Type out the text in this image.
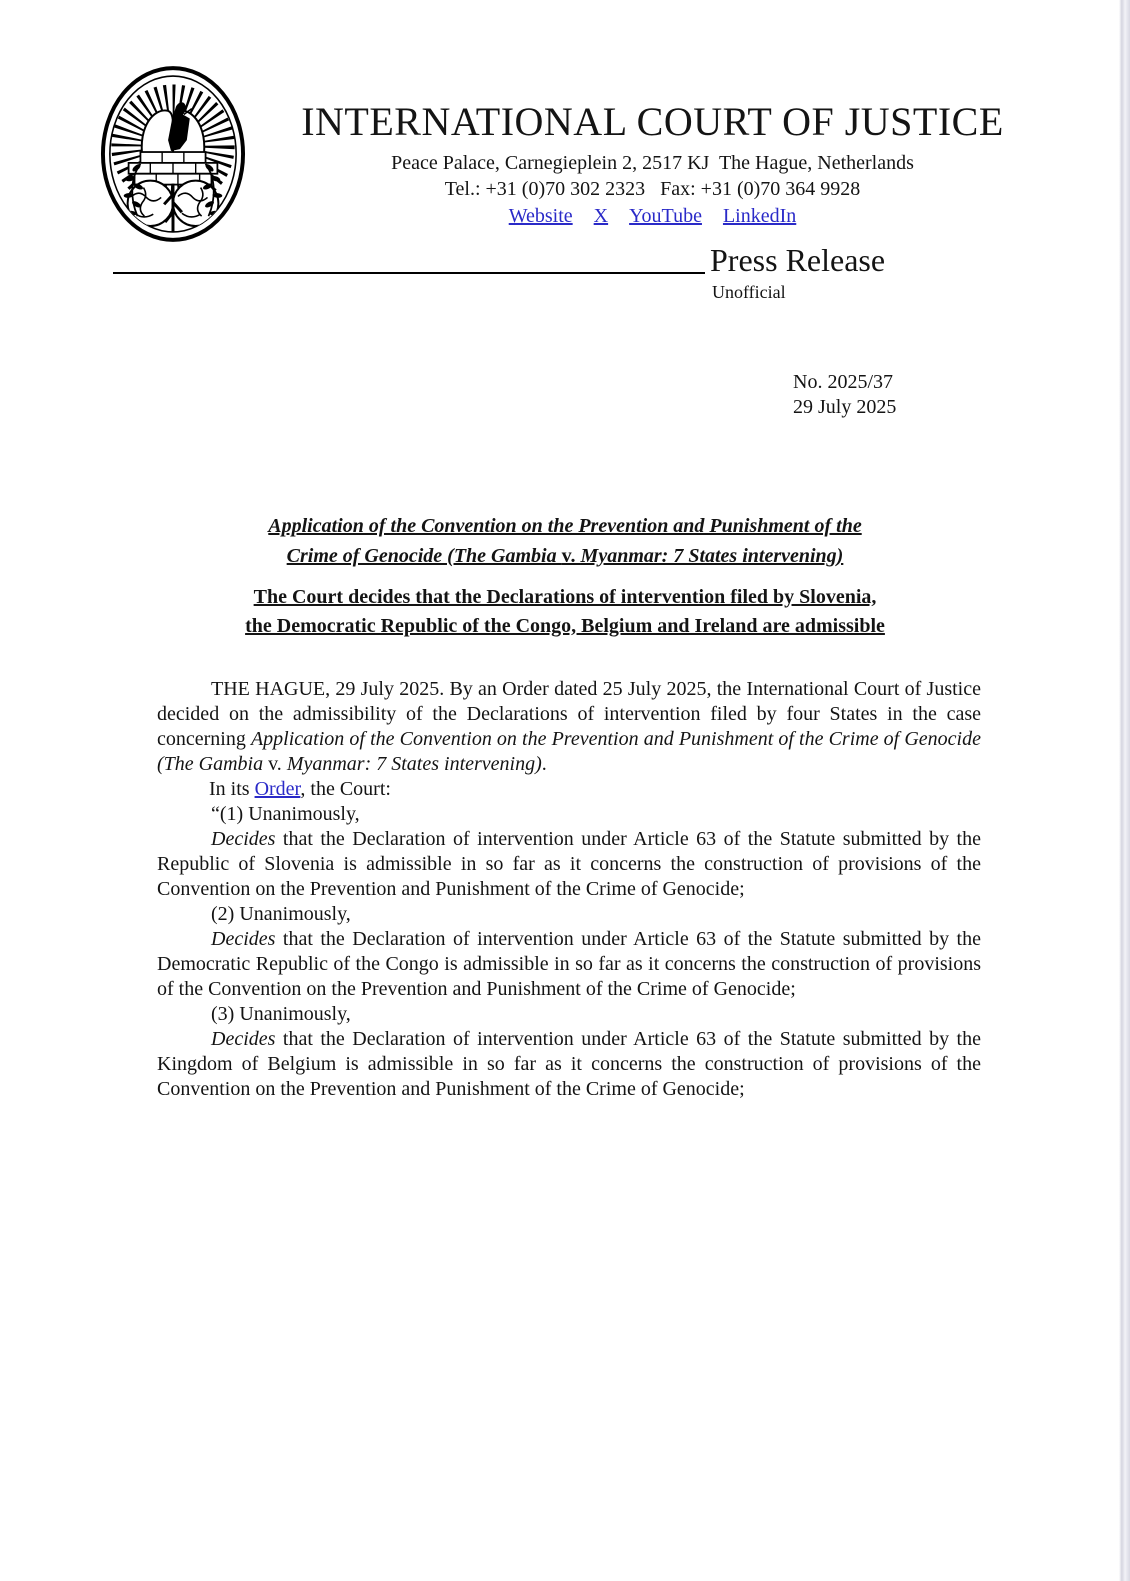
INTERNATIONAL COURT OF JUSTICE
Peace Palace, Carnegieplein 2, 2517 KJ  The Hague, Netherlands
Tel.: +31 (0)70 302 2323   Fax: +31 (0)70 364 9928
Website X YouTube LinkedIn
Press Release
Unofficial
No. 2025/37
29 July 2025
Application of the Convention on the Prevention and Punishment of the
Crime of Genocide (The Gambia v. Myanmar: 7 States intervening)
The Court decides that the Declarations of intervention filed by Slovenia,
the Democratic Republic of the Congo, Belgium and Ireland are admissible

THE HAGUE, 29 July 2025. By an Order dated 25 July 2025, the International Court of Justice decided on the admissibility of the Declarations of intervention filed by four States in the case concerning Application of the Convention on the Prevention and Punishment of the Crime of Genocide (The Gambia v. Myanmar: 7 States intervening).

In its Order, the Court:

“(1) Unanimously,

Decides that the Declaration of intervention under Article 63 of the Statute submitted by the Republic of Slovenia is admissible in so far as it concerns the construction of provisions of the Convention on the Prevention and Punishment of the Crime of Genocide;

(2) Unanimously,

Decides that the Declaration of intervention under Article 63 of the Statute submitted by the Democratic Republic of the Congo is admissible in so far as it concerns the construction of provisions of the Convention on the Prevention and Punishment of the Crime of Genocide;

(3) Unanimously,

Decides that the Declaration of intervention under Article 63 of the Statute submitted by the Kingdom of Belgium is admissible in so far as it concerns the construction of provisions of the Convention on the Prevention and Punishment of the Crime of Genocide;
